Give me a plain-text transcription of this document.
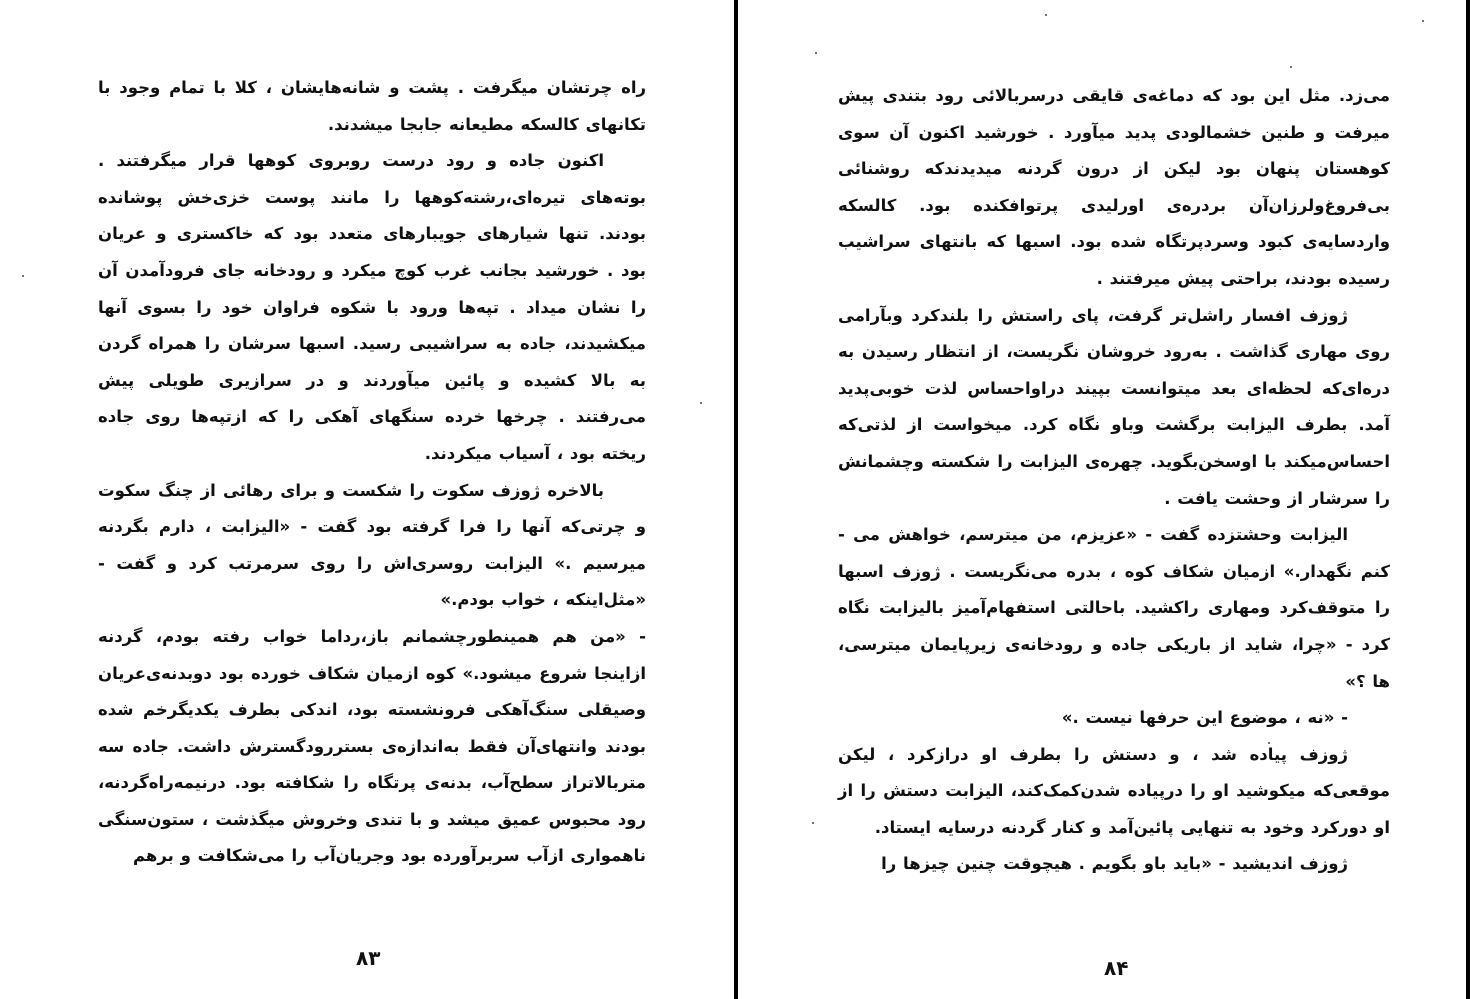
راه چرتشان میگرفت . پشت و شانه‌هایشان ، کلا با تمام وجود با تکانهای کالسکه مطیعانه جابجا میشدند.

اکنون جاده و رود درست روبروی کوهها قرار میگرفتند . بوته‌های تیره‌ای،رشته‌کوهها را مانند پوست خزی‌خش پوشانده بودند. تنها شیارهای جویبارهای متعدد بود که خاکستری و عریان بود . خورشید بجانب غرب کوچ میکرد و رودخانه جای فرودآمدن آن را نشان میداد . تپه‌ها ورود با شکوه فراوان خود را بسوی آنها میکشیدند، جاده به سراشیبی رسید. اسبها سرشان را همراه گردن به بالا کشیده و پائین میآوردند و در سرازیری طویلی پیش می‌رفتند . چرخها خرده سنگهای آهکی را که ازتپه‌ها روی جاده ریخته بود ، آسیاب میکردند.

بالاخره ژوزف سکوت را شکست و برای رهائی از چنگ سکوت و چرتی‌که آنها را فرا گرفته بود گفت - «الیزابت ، دارم بگردنه میرسیم .» الیزابت روسری‌اش را روی سرمرتب کرد و گفت - «مثل‌اینکه ، خواب بودم.»

- «من هم همینطور‌چشمانم باز،‌ردا‌ما خواب رفته بودم، گردنه ازاینجا شروع میشود.» کوه ازمیان شکاف خورده بود دوبدنه‌ی‌عریان وصیقلی سنگ‌آهکی فرونشسته بود، اندکی بطرف یکدیگرخم شده بودند وانتهای‌آن فقط به‌اندازه‌ی بستررودگسترش داشت. جاده سه متربالاتراز سطح‌آب، بدنه‌ی پرتگاه را شکافته بود. درنیمه‌راه‌گردنه، رود محبوس عمیق میشد و با تندی وخروش میگذشت ، ستون‌سنگی ناهمواری ازآب سربرآورده بود وجریان‌آب را می‌شکافت و برهم

۸۳

می‌زد. مثل این بود که دماغه‌ی قایقی درسربالائی رود بتندی پیش میرفت و طنین خشمالودی پدید میآورد . خورشید اکنون آن سوی کوهستان پنهان بود لیکن از درون گردنه میدیدندکه روشنائی بی‌فروغ‌ولرزان‌آن بردره‌ی اورلیدی پرتوافکنده بود. کالسکه واردسایه‌ی کبود وسردپرتگاه شده بود. اسبها که بانتهای سراشیب رسیده بودند، براحتی پیش میرفتند .

ژوزف افسار راشل‌تر گرفت، پای راستش را بلندکرد وبآرامی روی مهاری گذاشت . به‌رود خروشان نگریست، از انتظار رسیدن به دره‌ای‌که لحظه‌ای بعد میتوانست بپیند دراواحساس لذت خوبی‌پدید آمد. بطرف الیزابت برگشت وباو نگاه کرد. میخواست از لذتی‌که احساس‌میکند با اوسخن‌بگوید. چهره‌ی الیزابت را شکسته وچشمانش را سرشار از وحشت یافت .

الیزابت وحشتزده گفت - «عزیزم، من میترسم، خواهش می - کنم نگهدار.» ازمیان شکاف کوه ، بدره می‌نگریست . ژوزف اسبها را متوقف‌کرد ومهاری راکشید. باحالتی استفهام‌آمیز بالیزابت نگاه کرد - «چرا، شاید از باریکی جاده و رودخانه‌ی زیرپایمان میترسی، ها ؟»

- «نه ، موضوع این حرفها نیست .»

ژوزف پیاده شد ، و دستش را بطرف او درازکرد ، لیکن موقعی‌که میکوشید او را درپیاده شدن‌کمک‌کند، الیزابت دستش را از او دورکرد وخود به تنهایی پائین‌آمد و کنار گردنه درسایه ایستاد.

ژوزف اندیشید - «باید باو بگویم . هیچوقت چنین چیزها را

۸۴
